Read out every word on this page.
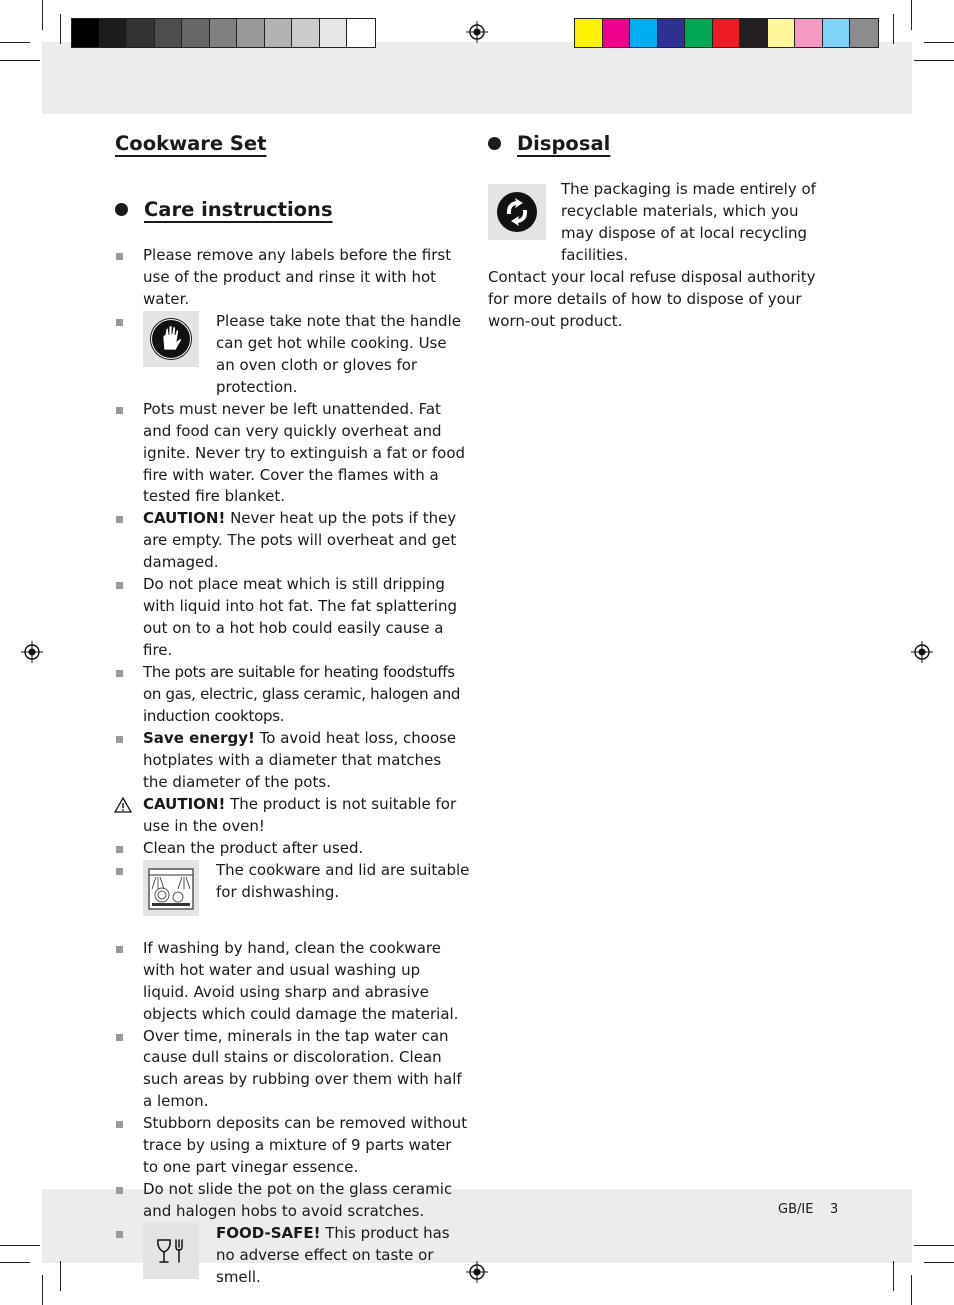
Cookware Set
Care instructions
Please remove any labels before the first use of the product and rinse it with hot water.
Please take note that the handle can get hot while cooking. Use an oven cloth or gloves for protection.
Pots must never be left unattended. Fat and food can very quickly overheat and ignite. Never try to extinguish a fat or food fire with water. Cover the flames with a tested fire blanket.
CAUTION! Never heat up the pots if they are empty. The pots will overheat and get damaged.
Do not place meat which is still dripping with liquid into hot fat. The fat splattering out on to a hot hob could easily cause a fire.
The pots are suitable for heating foodstuffs on gas, electric, glass ceramic, halogen and induction cooktops.
Save energy! To avoid heat loss, choose hotplates with a diameter that matches the diameter of the pots.
CAUTION! The product is not suitable for use in the oven!
Clean the product after used.
The cookware and lid are suitable for dishwashing.
If washing by hand, clean the cookware with hot water and usual washing up liquid. Avoid using sharp and abrasive objects which could damage the material.
Over time, minerals in the tap water can cause dull stains or discoloration. Clean such areas by rubbing over them with half a lemon.
Stubborn deposits can be removed without trace by using a mixture of 9 parts water to one part vinegar essence.
Do not slide the pot on the glass ceramic and halogen hobs to avoid scratches.
FOOD-SAFE! This product has no adverse effect on taste or smell.
Disposal
The packaging is made entirely of recyclable materials, which you may dispose of at local recycling facilities.
Contact your local refuse disposal authority for more details of how to dispose of your worn-out product.
GB/IE 3
